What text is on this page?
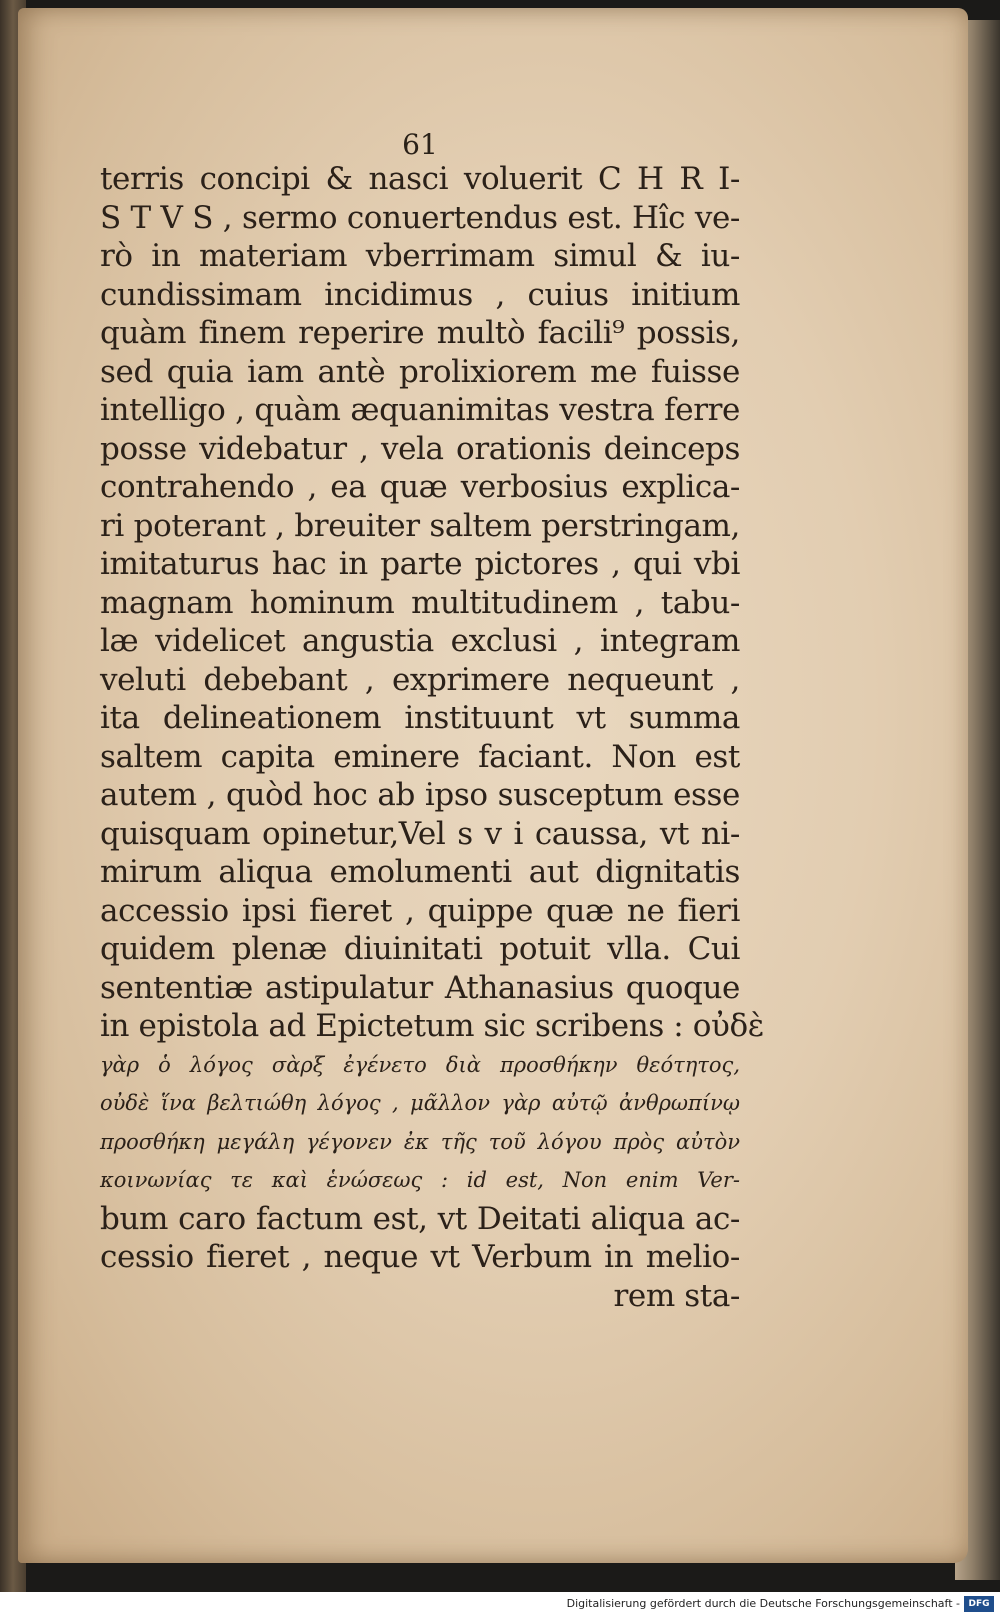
61
terris concipi & nasci voluerit C H R I-
S T V S , sermo conuertendus est. Hîc ve-
rò in materiam vberrimam simul & iu-
cundissimam incidimus , cuius initium
quàm finem reperire multò facili⁹ possis,
sed quia iam antè prolixiorem me fuisse
intelligo , quàm æquanimitas vestra ferre
posse videbatur , vela orationis deinceps
contrahendo , ea quæ verbosius explica-
ri poterant , breuiter saltem perstringam,
imitaturus hac in parte pictores , qui vbi
magnam hominum multitudinem , tabu-
læ videlicet angustia exclusi , integram
veluti debebant , exprimere nequeunt ,
ita delineationem instituunt vt summa
saltem capita eminere faciant. Non est
autem , quòd hoc ab ipso susceptum esse
quisquam opinetur,Vel s v i caussa, vt ni-
mirum aliqua emolumenti aut dignitatis
accessio ipsi fieret , quippe quæ ne fieri
quidem plenæ diuinitati potuit vlla. Cui
sententiæ astipulatur Athanasius quoque
in epistola ad Epictetum sic scribens : οὐδὲ
γὰρ ὁ λόγος σὰρξ ἐγένετο διὰ προσθήκην θεότητος,
οὐδὲ ἵνα βελτιώθη λόγος , μᾶλλον γὰρ αὐτῷ ἀνθρωπίνῳ
προσθήκη μεγάλη γέγονεν ἐκ τῆς τοῦ λόγου πρὸς αὐτὸν
κοινωνίας τε καὶ ἑνώσεως : id est, Non enim Ver-
bum caro factum est, vt Deitati aliqua ac-
cessio fieret , neque vt Verbum in melio-
rem sta-
Digitalisierung gefördert durch die Deutsche Forschungsgemeinschaft - DFG
